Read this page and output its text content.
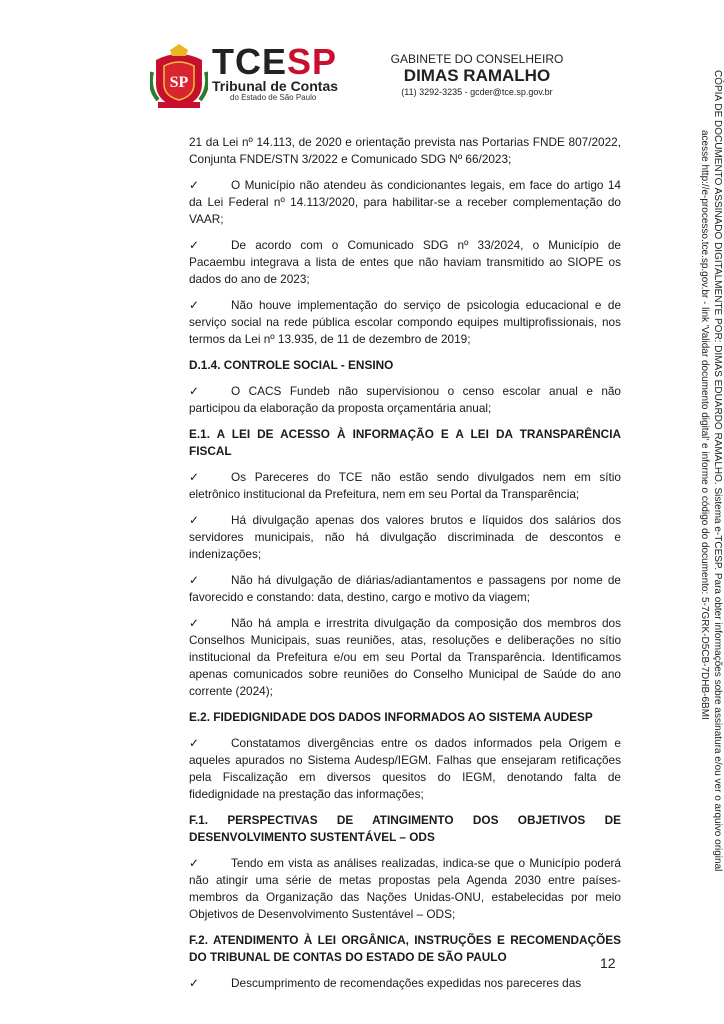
SP
TCESP
Tribunal de Contas
do Estado de São Paulo
GABINETE DO CONSELHEIRO
DIMAS RAMALHO
(11) 3292-3235 - gcder@tce.sp.gov.br	CÓPIA DE DOCUMENTO ASSINADO DIGITALMENTE POR: DIMAS EDUARDO RAMALHO. Sistema e-TCESP. Para obter informações sobre assinatura e/ou ver o arquivo original
acesse http://e-processo.tce.sp.gov.br - link 'Validar documento digital' e informe o código do documento: 5-7GRK-D5CB-7DHB-6BMI

21 da Lei nº 14.113, de 2020 e orientação prevista nas Portarias FNDE 807/2022, Conjunta FNDE/STN 3/2022 e Comunicado SDG Nº 66/2023;

✓	O Município não atendeu às condicionantes legais, em face do artigo 14 da Lei Federal nº 14.113/2020, para habilitar-se a receber complementação do VAAR;

✓	De acordo com o Comunicado SDG nº 33/2024, o Município de Pacaembu integrava a lista de entes que não haviam transmitido ao SIOPE os dados do ano de 2023;

✓	Não houve implementação do serviço de psicologia educacional e de serviço social na rede pública escolar compondo equipes multiprofissionais, nos termos da Lei nº 13.935, de 11 de dezembro de 2019;

D.1.4. CONTROLE SOCIAL - ENSINO

✓	O CACS Fundeb não supervisionou o censo escolar anual e não participou da elaboração da proposta orçamentária anual;

E.1. A LEI DE ACESSO À INFORMAÇÃO E A LEI DA TRANSPARÊNCIA FISCAL

✓	Os Pareceres do TCE não estão sendo divulgados nem em sítio eletrônico institucional da Prefeitura, nem em seu Portal da Transparência;

✓	Há divulgação apenas dos valores brutos e líquidos dos salários dos servidores municipais, não há divulgação discriminada de descontos e indenizações;

✓	Não há divulgação de diárias/adiantamentos e passagens por nome de favorecido e constando: data, destino, cargo e motivo da viagem;

✓	Não há ampla e irrestrita divulgação da composição dos membros dos Conselhos Municipais, suas reuniões, atas, resoluções e deliberações no sítio institucional da Prefeitura e/ou em seu Portal da Transparência. Identificamos apenas comunicados sobre reuniões do Conselho Municipal de Saúde do ano corrente (2024);

E.2. FIDEDIGNIDADE DOS DADOS INFORMADOS AO SISTEMA AUDESP

✓	Constatamos divergências entre os dados informados pela Origem e aqueles apurados no Sistema Audesp/IEGM. Falhas que ensejaram retificações pela Fiscalização em diversos quesitos do IEGM, denotando falta de fidedignidade na prestação das informações;

F.1. PERSPECTIVAS DE ATINGIMENTO DOS OBJETIVOS DE DESENVOLVIMENTO SUSTENTÁVEL – ODS

✓	Tendo em vista as análises realizadas, indica-se que o Município poderá não atingir uma série de metas propostas pela Agenda 2030 entre países-membros da Organização das Nações Unidas-ONU, estabelecidas por meio Objetivos de Desenvolvimento Sustentável – ODS;

F.2. ATENDIMENTO À LEI ORGÂNICA, INSTRUÇÕES E RECOMENDAÇÕES DO TRIBUNAL DE CONTAS DO ESTADO DE SÃO PAULO

✓	Descumprimento de recomendações expedidas nos pareceres das

12
